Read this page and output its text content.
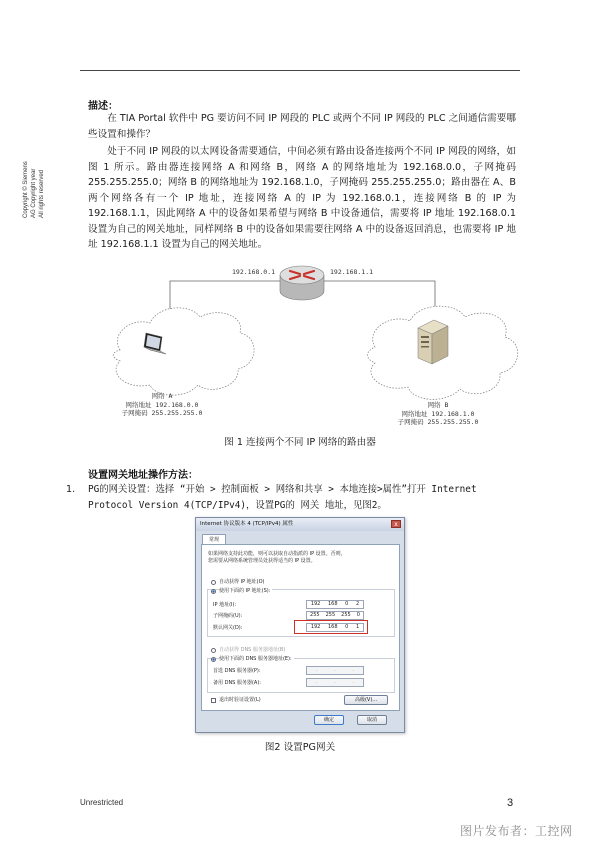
Copyright © Siemens AG Copyright year All rights reserved
描述：

在 TIA Portal 软件中 PG 要访问不同 IP 网段的 PLC 或两个不同 IP 网段的 PLC 之间通信需要哪些设置和操作？

处于不同 IP 网段的以太网设备需要通信，中间必须有路由设备连接两个不同 IP 网段的网络，如图 1 所示。路由器连接网络 A 和网络 B，网络 A 的网络地址为 192.168.0.0，子网掩码 255.255.255.0；网络 B 的网络地址为 192.168.1.0，子网掩码 255.255.255.0；路由器在 A、B 两个网络各有一个 IP 地址，连接网络 A 的 IP 为 192.168.0.1，连接网络 B 的 IP 为 192.168.1.1，因此网络 A 中的设备如果希望与网络 B 中设备通信，需要将 IP 地址 192.168.0.1 设置为自己的网关地址，同样网络 B 中的设备如果需要往网络 A 中的设备返回消息，也需要将 IP 地址 192.168.1.1 设置为自己的网关地址。

192.168.0.1	192.168.1.1
网络 A
网络地址 192.168.0.0
子网掩码 255.255.255.0
网络 B
网络地址 192.168.1.0
子网掩码 255.255.255.0
图 1 连接两个不同 IP 网络的路由器
设置网关地址操作方法：
1. PG的网关设置：选择 “开始 > 控制面板 > 网络和共享 > 本地连接>属性”打开 Internet Protocol Version 4(TCP/IPv4)，设置PG的 网关 地址，见图2。
Internet 协议版本 4 (TCP/IPv4) 属性	x
常规
如果网络支持此功能，则可以获取自动指派的 IP 设置。否则，
您需要从网络系统管理员处获得适当的 IP 设置。
自动获得 IP 地址(O)
使用下面的 IP 地址(S):
IP 地址(I):	192 168 0 2
子网掩码(U):	255 255 255 0
默认网关(D):	192 168 0 1
自动获得 DNS 服务器地址(B)
使用下面的 DNS 服务器地址(E):
首选 DNS 服务器(P):	.	.	.
备用 DNS 服务器(A):	.	.	.
退出时验证设置(L)	高级(V)...
确定	取消
图2 设置PG网关
Unrestricted	3
图片发布者：工控网
